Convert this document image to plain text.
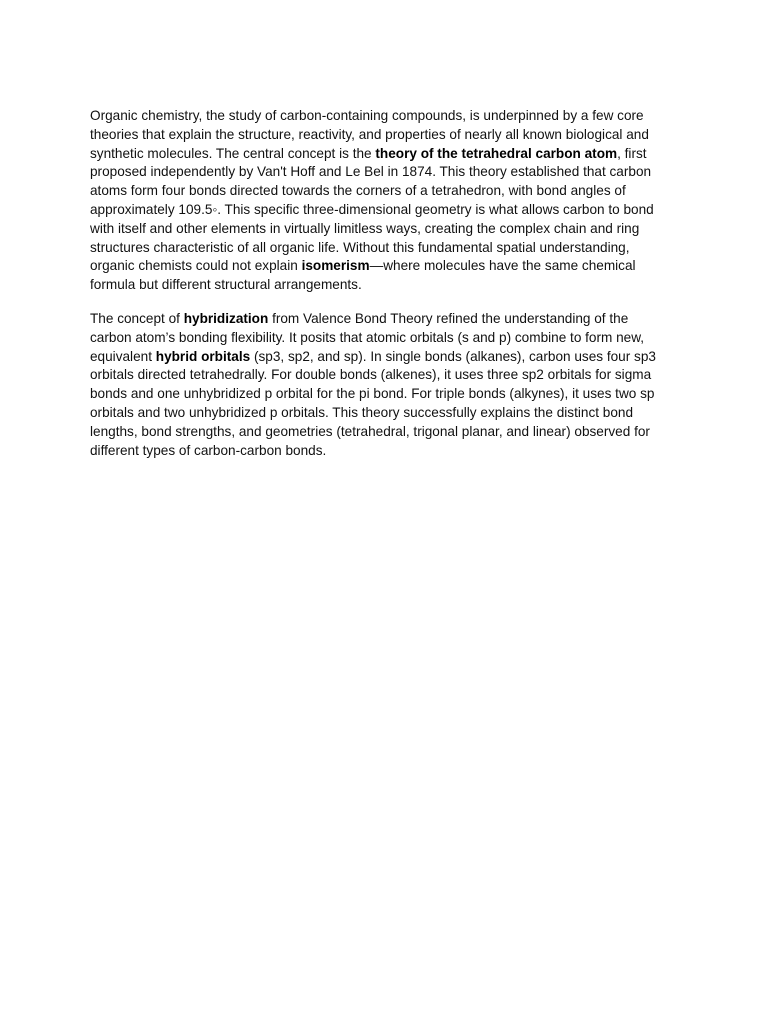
Organic chemistry, the study of carbon-containing compounds, is underpinned by a few core theories that explain the structure, reactivity, and properties of nearly all known biological and synthetic molecules. The central concept is the theory of the tetrahedral carbon atom, first proposed independently by Van't Hoff and Le Bel in 1874. This theory established that carbon atoms form four bonds directed towards the corners of a tetrahedron, with bond angles of approximately 109.5◦. This specific three-dimensional geometry is what allows carbon to bond with itself and other elements in virtually limitless ways, creating the complex chain and ring structures characteristic of all organic life. Without this fundamental spatial understanding, organic chemists could not explain isomerism—where molecules have the same chemical formula but different structural arrangements.

The concept of hybridization from Valence Bond Theory refined the understanding of the carbon atom’s bonding flexibility. It posits that atomic orbitals (s and p) combine to form new, equivalent hybrid orbitals (sp3, sp2, and sp). In single bonds (alkanes), carbon uses four sp3 orbitals directed tetrahedrally. For double bonds (alkenes), it uses three sp2 orbitals for sigma bonds and one unhybridized p orbital for the pi bond. For triple bonds (alkynes), it uses two sp orbitals and two unhybridized p orbitals. This theory successfully explains the distinct bond lengths, bond strengths, and geometries (tetrahedral, trigonal planar, and linear) observed for different types of carbon-carbon bonds.
